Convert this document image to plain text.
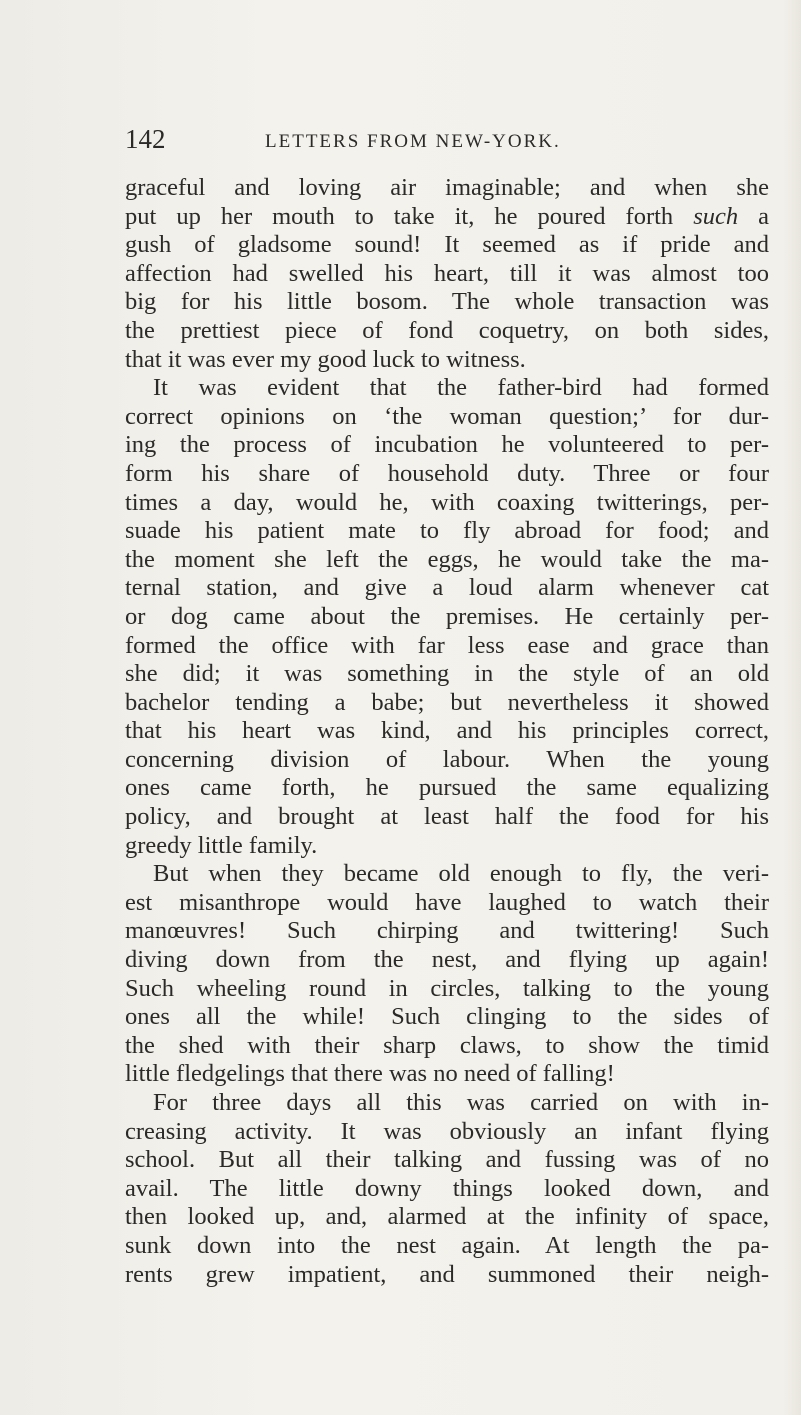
142	LETTERS FROM NEW-YORK.
graceful and loving air imaginable; and when she
put up her mouth to take it, he poured forth such a
gush of gladsome sound! It seemed as if pride and
affection had swelled his heart, till it was almost too
big for his little bosom. The whole transaction was
the prettiest piece of fond coquetry, on both sides,
that it was ever my good luck to witness.
It was evident that the father-bird had formed
correct opinions on ‘the woman question;’ for dur-
ing the process of incubation he volunteered to per-
form his share of household duty. Three or four
times a day, would he, with coaxing twitterings, per-
suade his patient mate to fly abroad for food; and
the moment she left the eggs, he would take the ma-
ternal station, and give a loud alarm whenever cat
or dog came about the premises. He certainly per-
formed the office with far less ease and grace than
she did; it was something in the style of an old
bachelor tending a babe; but nevertheless it showed
that his heart was kind, and his principles correct,
concerning division of labour. When the young
ones came forth, he pursued the same equalizing
policy, and brought at least half the food for his
greedy little family.
But when they became old enough to fly, the veri-
est misanthrope would have laughed to watch their
manœuvres! Such chirping and twittering! Such
diving down from the nest, and flying up again!
Such wheeling round in circles, talking to the young
ones all the while! Such clinging to the sides of
the shed with their sharp claws, to show the timid
little fledgelings that there was no need of falling!
For three days all this was carried on with in-
creasing activity. It was obviously an infant flying
school. But all their talking and fussing was of no
avail. The little downy things looked down, and
then looked up, and, alarmed at the infinity of space,
sunk down into the nest again. At length the pa-
rents grew impatient, and summoned their neigh-
